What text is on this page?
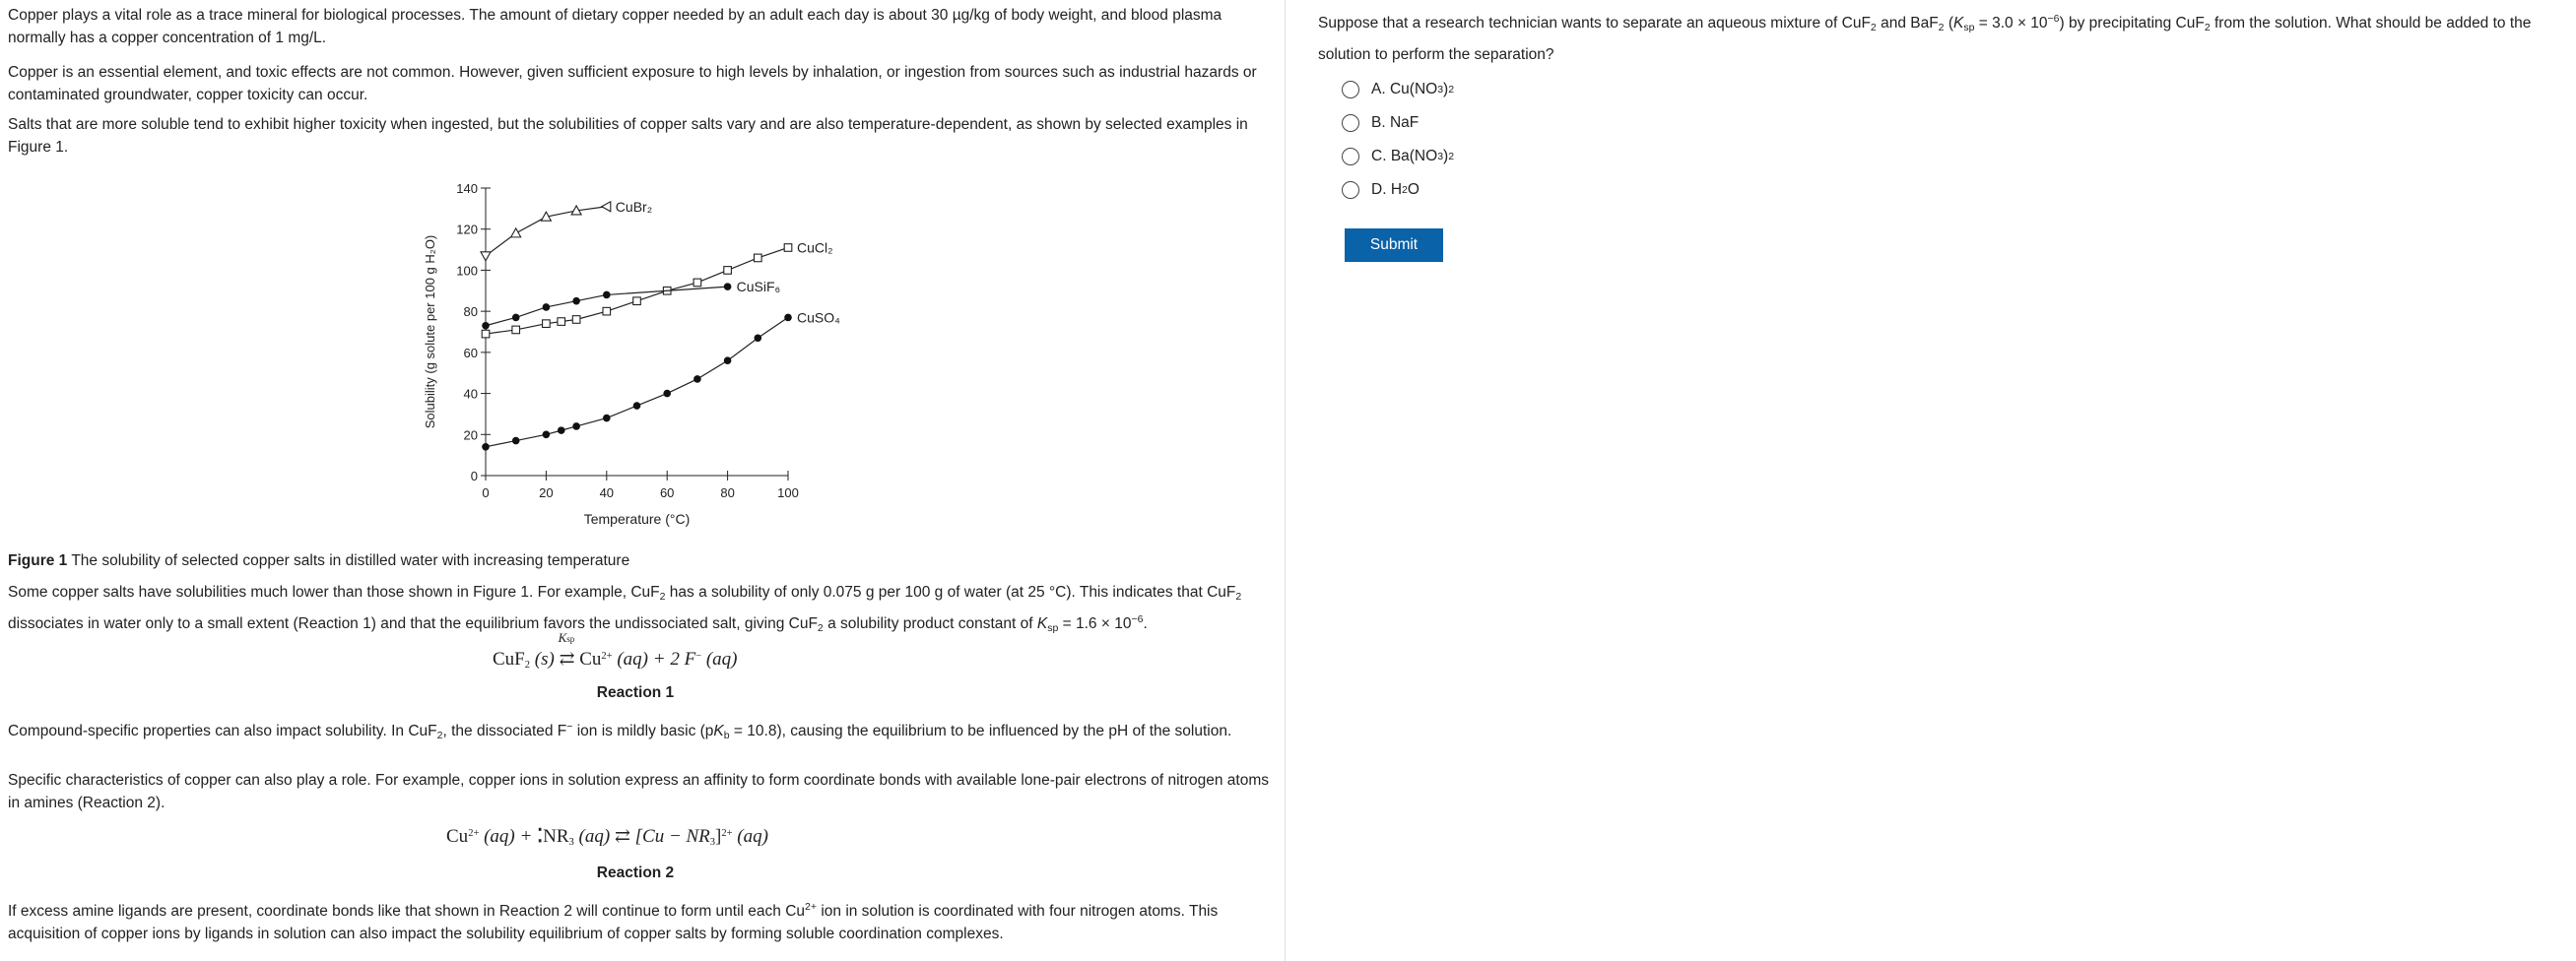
Copper plays a vital role as a trace mineral for biological processes. The amount of dietary copper needed by an adult each day is about 30 µg/kg of body weight, and blood plasma normally has a copper concentration of 1 mg/L.

Copper is an essential element, and toxic effects are not common. However, given sufficient exposure to high levels by inhalation, or ingestion from sources such as industrial hazards or contaminated groundwater, copper toxicity can occur.

Salts that are more soluble tend to exhibit higher toxicity when ingested, but the solubilities of copper salts vary and are also temperature-dependent, as shown by selected examples in Figure 1.

0
20
40
60
80
100
120
140
0	20	40	60	80	100
Temperature (°C)
Solubility (g solute per 100 g H₂O)
CuBr₂
CuCl₂
CuSiF₆
CuSO₄

Figure 1 The solubility of selected copper salts in distilled water with increasing temperature

Some copper salts have solubilities much lower than those shown in Figure 1. For example, CuF$_2$ has a solubility of only 0.075 g per 100 g of water (at 25 °C). This indicates that CuF$_2$ dissociates in water only to a small extent (Reaction 1) and that the equilibrium favors the undissociated salt, giving CuF$_2$ a solubility product constant of $K_{sp} = 1.6 \times 10^{-6}$.

CuF$_2$ (s)
Ksp
⇄ $Cu^{2+}$ (aq) + 2 F− (aq)
Reaction 1

Compound-specific properties can also impact solubility. In CuF$_2$, the dissociated F− ion is mildly basic $(pK_b = 10.8)$, causing the equilibrium to be influenced by the pH of the solution.

Specific characteristics of copper can also play a role. For example, copper ions in solution express an affinity to form coordinate bonds with available lone-pair electrons of nitrogen atoms in amines (Reaction 2).

$Cu^{2+}$ $(aq) + ⁚NR_3$ (aq) ⇄ $[Cu - NR_3]^{2+}$ (aq)
Reaction 2

If excess amine ligands are present, coordinate bonds like that shown in Reaction 2 will continue to form until each $Cu^{2+}$ ion in solution is coordinated with four nitrogen atoms. This acquisition of copper ions by ligands in solution can also impact the solubility equilibrium of copper salts by forming soluble coordination complexes.

Suppose that a research technician wants to separate an aqueous mixture of CuF$_2$ and BaF$_2$ $(K_{sp} = 3.0 \times 10^{-6})$ by precipitating CuF$_2$ from the solution. What should be added to the solution to perform the separation?
A.
Cu(NO 3 ) 2
B.
NaF
C.
Ba(NO 3 ) 2
D.
H 2 O
Submit
